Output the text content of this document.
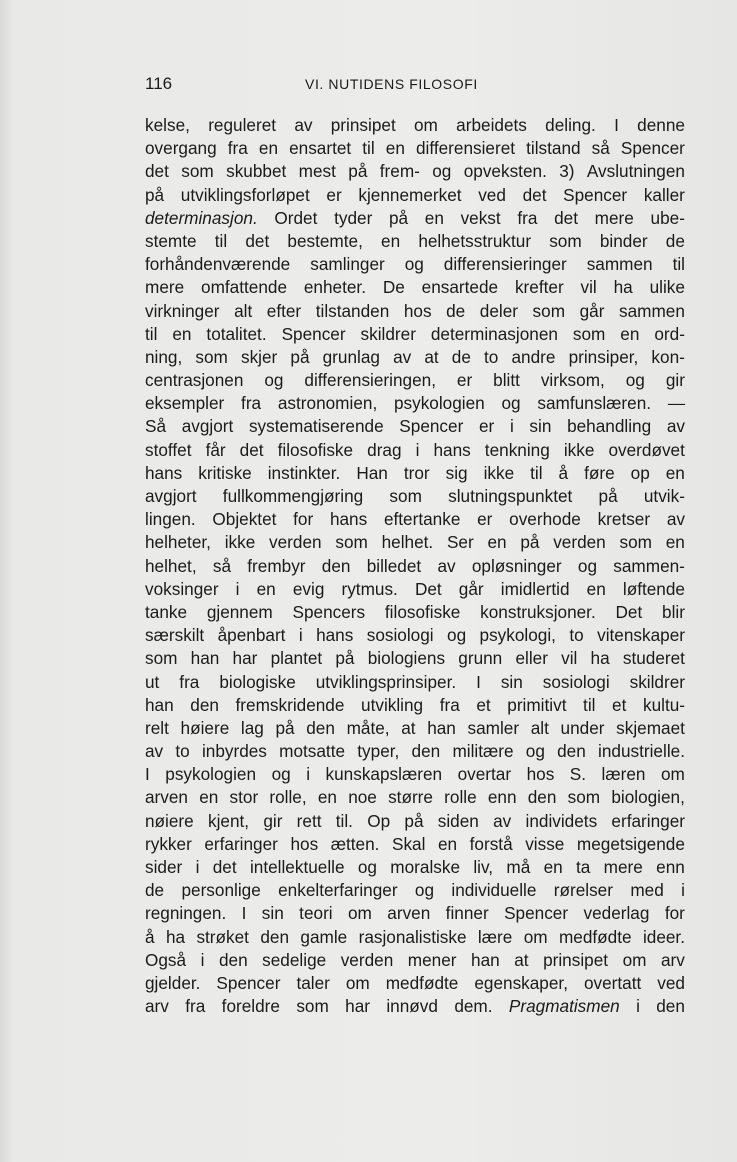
116	VI. NUTIDENS FILOSOFI
kelse, reguleret av prinsipet om arbeidets deling. I denne
overgang fra en ensartet til en differensieret tilstand så Spencer
det som skubbet mest på frem- og opveksten. 3) Avslutningen
på utviklingsforløpet er kjennemerket ved det Spencer kaller
determinasjon. Ordet tyder på en vekst fra det mere ube-
stemte til det bestemte, en helhetsstruktur som binder de
forhåndenværende samlinger og differensieringer sammen til
mere omfattende enheter. De ensartede krefter vil ha ulike
virkninger alt efter tilstanden hos de deler som går sammen
til en totalitet. Spencer skildrer determinasjonen som en ord-
ning, som skjer på grunlag av at de to andre prinsiper, kon-
centrasjonen og differensieringen, er blitt virksom, og gir
eksempler fra astronomien, psykologien og samfunslæren. —
Så avgjort systematiserende Spencer er i sin behandling av
stoffet får det filosofiske drag i hans tenkning ikke overdøvet
hans kritiske instinkter. Han tror sig ikke til å føre op en
avgjort fullkommengjøring som slutningspunktet på utvik-
lingen. Objektet for hans eftertanke er overhode kretser av
helheter, ikke verden som helhet. Ser en på verden som en
helhet, så frembyr den billedet av opløsninger og sammen-
voksinger i en evig rytmus. Det går imidlertid en løftende
tanke gjennem Spencers filosofiske konstruksjoner. Det blir
særskilt åpenbart i hans sosiologi og psykologi, to vitenskaper
som han har plantet på biologiens grunn eller vil ha studeret
ut fra biologiske utviklingsprinsiper. I sin sosiologi skildrer
han den fremskridende utvikling fra et primitivt til et kultu-
relt høiere lag på den måte, at han samler alt under skjemaet
av to inbyrdes motsatte typer, den militære og den industrielle.
I psykologien og i kunskapslæren overtar hos S. læren om
arven en stor rolle, en noe større rolle enn den som biologien,
nøiere kjent, gir rett til. Op på siden av individets erfaringer
rykker erfaringer hos ætten. Skal en forstå visse megetsigende
sider i det intellektuelle og moralske liv, må en ta mere enn
de personlige enkelterfaringer og individuelle rørelser med i
regningen. I sin teori om arven finner Spencer vederlag for
å ha strøket den gamle rasjonalistiske lære om medfødte ideer.
Også i den sedelige verden mener han at prinsipet om arv
gjelder. Spencer taler om medfødte egenskaper, overtatt ved
arv fra foreldre som har innøvd dem. Pragmatismen i den
